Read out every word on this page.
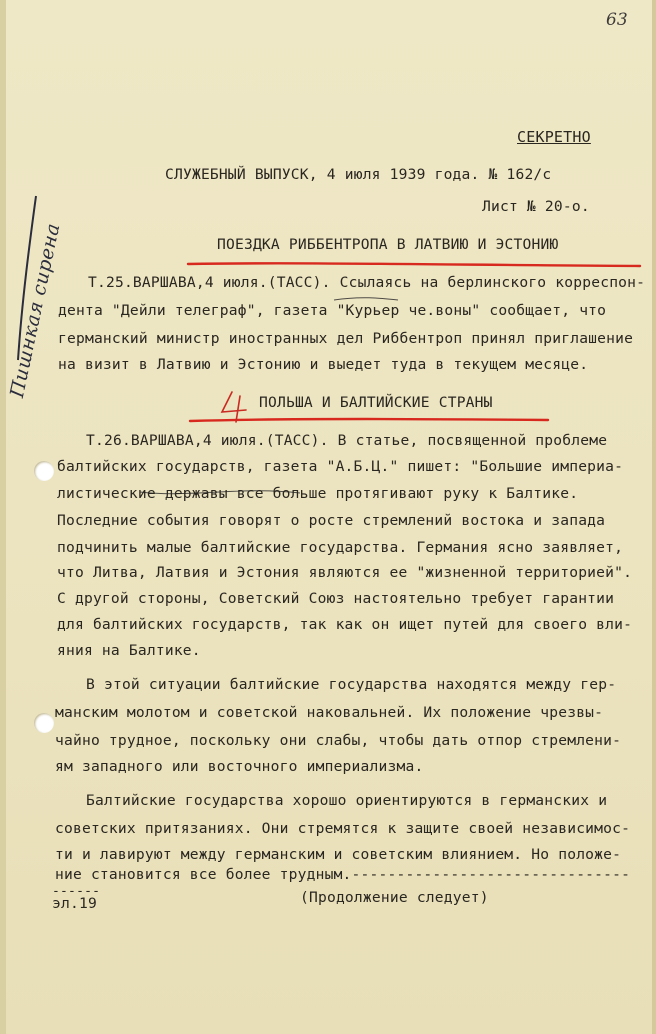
63
СЕКРЕТНО
СЛУЖЕБНЫЙ ВЫПУСК, 4 июля 1939 года. № 162/с
Лист № 20-о.
Пишнкая сирена	ПОЕЗДКА РИББЕНТРОПА В ЛАТВИЮ И ЭСТОНИЮ
Т.25.ВАРШАВА,4 июля.(ТАСС). Ссылаясь на берлинского корреспон-
дента "Дейли телеграф", газета "Курьер че.воны" сообщает, что
германский министр иностранных дел Риббентроп принял приглашение
на визит в Латвию и Эстонию и выедет туда в текущем месяце.
ПОЛЬША И БАЛТИЙСКИЕ СТРАНЫ
Т.26.ВАРШАВА,4 июля.(ТАСС). В статье, посвященной проблеме
балтийских государств, газета "А.Б.Ц." пишет: "Большие империа-
листические державы все больше протягивают руку к Балтике.
Последние события говорят о росте стремлений востока и запада
подчинить малые балтийские государства. Германия ясно заявляет,
что Литва, Латвия и Эстония являются ее "жизненной территорией".
С другой стороны, Советский Союз настоятельно требует гарантии
для балтийских государств, так как он ищет путей для своего вли-
яния на Балтике.
В этой ситуации балтийские государства находятся между гер-
манским молотом и советской наковальней. Их положение чрезвы-
чайно трудное, поскольку они слабы, чтобы дать отпор стремлени-
ям западного или восточного империализма.
Балтийские государства хорошо ориентируются в германских и
советских притязаниях. Они стремятся к защите своей независимос-
ти и лавируют между германским и советским влиянием. Но положе-
ние становится все более трудным.-------------------------------
------
эл.19	(Продолжение следует)
